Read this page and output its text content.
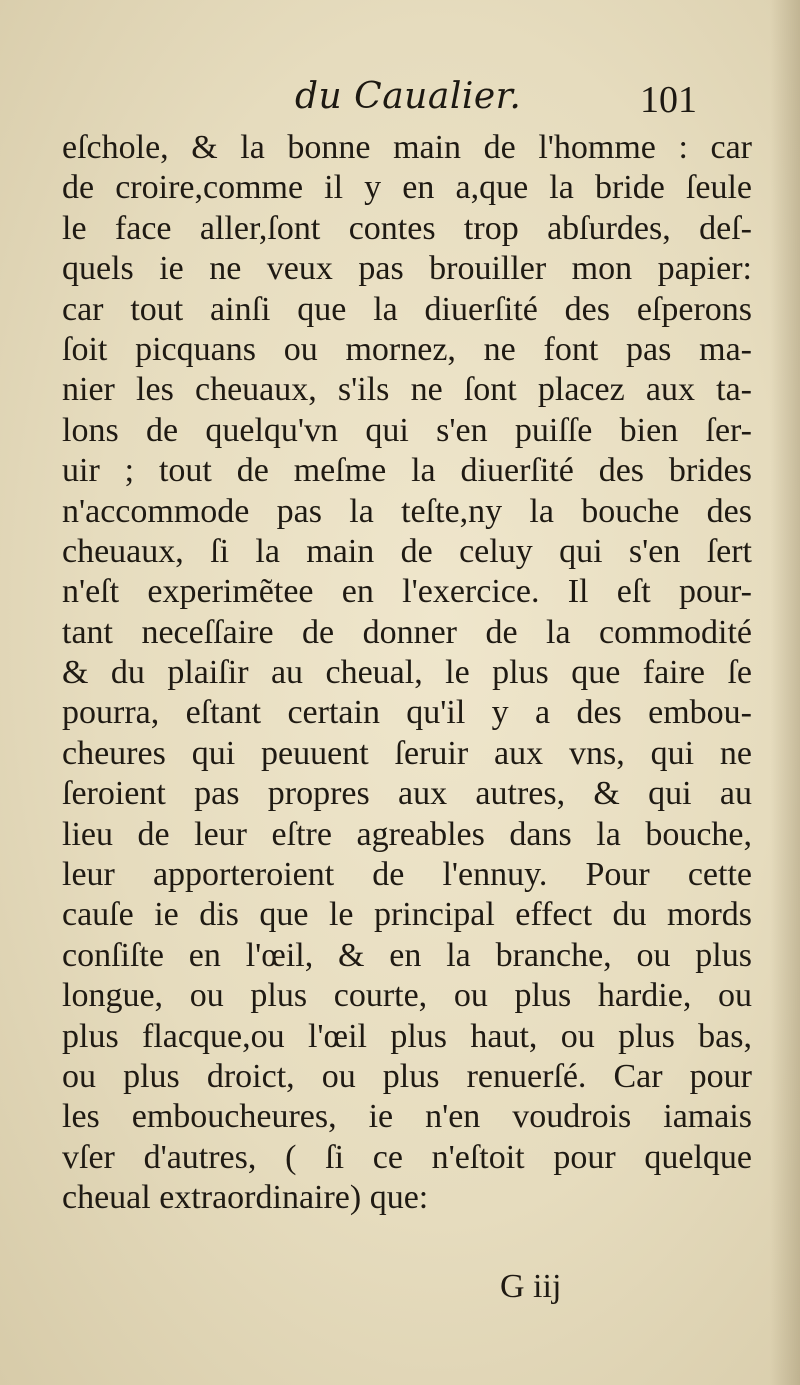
du Caualier.	101
eſchole, & la bonne main de l'homme : car
de croire,comme il y en a,que la bride ſeule
le face aller,ſont contes trop abſurdes, deſ-
quels ie ne veux pas brouiller mon papier:
car tout ainſi que la diuerſité des eſperons
ſoit picquans ou mornez, ne font pas ma-
nier les cheuaux, s'ils ne ſont placez aux ta-
lons de quelqu'vn qui s'en puiſſe bien ſer-
uir ; tout de meſme la diuerſité des brides
n'accommode pas la teſte,ny la bouche des
cheuaux, ſi la main de celuy qui s'en ſert
n'eſt experimẽtee en l'exercice. Il eſt pour-
tant neceſſaire de donner de la commodité
& du plaiſir au cheual, le plus que faire ſe
pourra, eſtant certain qu'il y a des embou-
cheures qui peuuent ſeruir aux vns, qui ne
ſeroient pas propres aux autres, & qui au
lieu de leur eſtre agreables dans la bouche,
leur apporteroient de l'ennuy. Pour cette
cauſe ie dis que le principal effect du mords
conſiſte en l'œil, & en la branche, ou plus
longue, ou plus courte, ou plus hardie, ou
plus flacque,ou l'œil plus haut, ou plus bas,
ou plus droict, ou plus renuerſé. Car pour
les emboucheures, ie n'en voudrois iamais
vſer d'autres, ( ſi ce n'eſtoit pour quelque
cheual extraordinaire) que:
G iij
